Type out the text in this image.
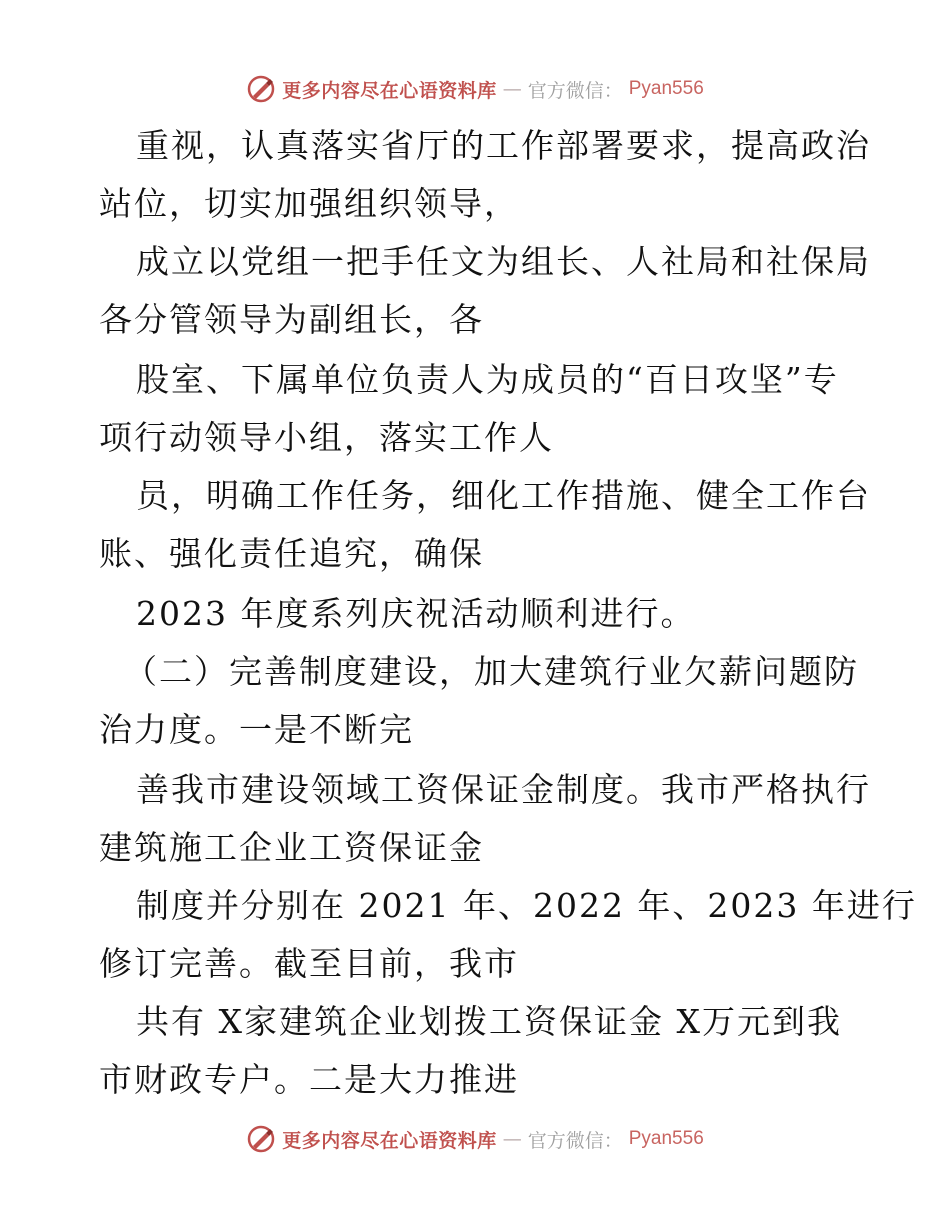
更多内容尽在心语资料库 — 官方微信： Pyan556
重视，认真落实省厅的工作部署要求，提高政治
站位，切实加强组织领导，
成立以党组一把手任文为组长、人社局和社保局
各分管领导为副组长，各
股室、下属单位负责人为成员的“百日攻坚”专
项行动领导小组，落实工作人
员，明确工作任务，细化工作措施、健全工作台
账、强化责任追究，确保
2023 年度系列庆祝活动顺利进行。
（二）完善制度建设，加大建筑行业欠薪问题防
治力度。一是不断完
善我市建设领域工资保证金制度。我市严格执行
建筑施工企业工资保证金
制度并分别在 2021 年、2022 年、2023 年进行
修订完善。截至目前，我市
共有 X家建筑企业划拨工资保证金 X万元到我
市财政专户。二是大力推进
更多内容尽在心语资料库 — 官方微信： Pyan556
